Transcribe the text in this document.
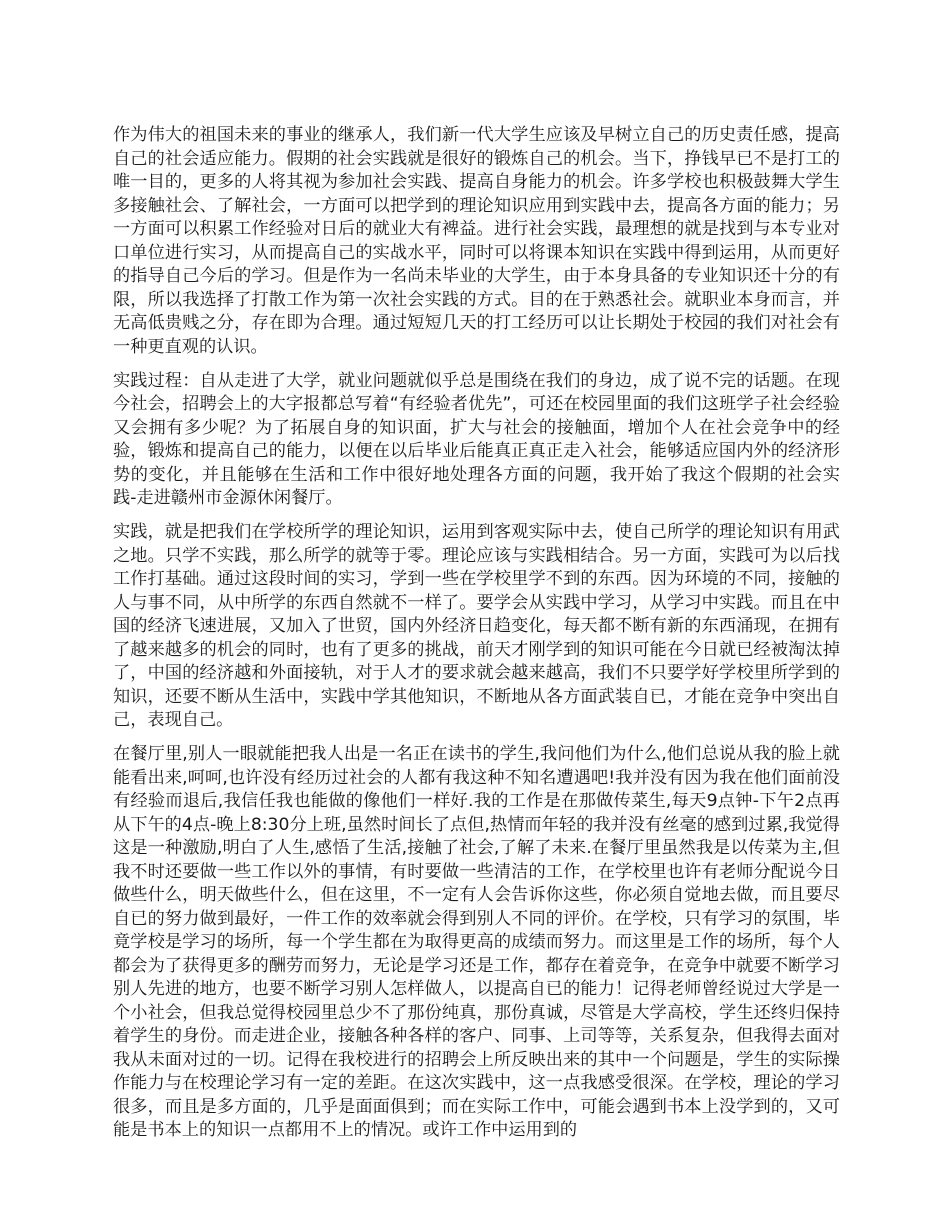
作为伟大的祖国未来的事业的继承人，我们新一代大学生应该及早树立自己的历史责任感，提高自己的社会适应能力。假期的社会实践就是很好的锻炼自己的机会。当下，挣钱早已不是打工的唯一目的，更多的人将其视为参加社会实践、提高自身能力的机会。许多学校也积极鼓舞大学生多接触社会、了解社会，一方面可以把学到的理论知识应用到实践中去，提高各方面的能力；另一方面可以积累工作经验对日后的就业大有裨益。进行社会实践，最理想的就是找到与本专业对口单位进行实习，从而提高自己的实战水平，同时可以将课本知识在实践中得到运用，从而更好的指导自己今后的学习。但是作为一名尚未毕业的大学生，由于本身具备的专业知识还十分的有限，所以我选择了打散工作为第一次社会实践的方式。目的在于熟悉社会。就职业本身而言，并无高低贵贱之分，存在即为合理。通过短短几天的打工经历可以让长期处于校园的我们对社会有一种更直观的认识。

实践过程：自从走进了大学，就业问题就似乎总是围绕在我们的身边，成了说不完的话题。在现今社会，招聘会上的大字报都总写着“有经验者优先”，可还在校园里面的我们这班学子社会经验又会拥有多少呢？为了拓展自身的知识面，扩大与社会的接触面，增加个人在社会竞争中的经验，锻炼和提高自己的能力，以便在以后毕业后能真正真正走入社会，能够适应国内外的经济形势的变化，并且能够在生活和工作中很好地处理各方面的问题，我开始了我这个假期的社会实践-走进赣州市金源休闲餐厅。

实践，就是把我们在学校所学的理论知识，运用到客观实际中去，使自己所学的理论知识有用武之地。只学不实践，那么所学的就等于零。理论应该与实践相结合。另一方面，实践可为以后找工作打基础。通过这段时间的实习，学到一些在学校里学不到的东西。因为环境的不同，接触的人与事不同，从中所学的东西自然就不一样了。要学会从实践中学习，从学习中实践。而且在中国的经济飞速进展，又加入了世贸，国内外经济日趋变化，每天都不断有新的东西涌现，在拥有了越来越多的机会的同时，也有了更多的挑战，前天才刚学到的知识可能在今日就已经被淘汰掉了，中国的经济越和外面接轨，对于人才的要求就会越来越高，我们不只要学好学校里所学到的知识，还要不断从生活中，实践中学其他知识，不断地从各方面武装自已，才能在竞争中突出自己，表现自己。

在餐厅里,别人一眼就能把我人出是一名正在读书的学生,我问他们为什么,他们总说从我的脸上就能看出来,呵呵,也许没有经历过社会的人都有我这种不知名遭遇吧!我并没有因为我在他们面前没有经验而退后,我信任我也能做的像他们一样好.我的工作是在那做传菜生,每天9点钟-下午2点再从下午的4点-晚上8:30分上班,虽然时间长了点但,热情而年轻的我并没有丝毫的感到过累,我觉得这是一种激励,明白了人生,感悟了生活,接触了社会,了解了未来.在餐厅里虽然我是以传菜为主,但我不时还要做一些工作以外的事情，有时要做一些清洁的工作，在学校里也许有老师分配说今日做些什么，明天做些什么，但在这里，不一定有人会告诉你这些，你必须自觉地去做，而且要尽自已的努力做到最好，一件工作的效率就会得到别人不同的评价。在学校，只有学习的氛围，毕竟学校是学习的场所，每一个学生都在为取得更高的成绩而努力。而这里是工作的场所，每个人都会为了获得更多的酬劳而努力，无论是学习还是工作，都存在着竞争，在竞争中就要不断学习别人先进的地方，也要不断学习别人怎样做人，以提高自已的能力！记得老师曾经说过大学是一个小社会，但我总觉得校园里总少不了那份纯真，那份真诚，尽管是大学高校，学生还终归保持着学生的身份。而走进企业，接触各种各样的客户、同事、上司等等，关系复杂，但我得去面对我从未面对过的一切。记得在我校进行的招聘会上所反映出来的其中一个问题是，学生的实际操作能力与在校理论学习有一定的差距。在这次实践中，这一点我感受很深。在学校，理论的学习很多，而且是多方面的，几乎是面面俱到；而在实际工作中，可能会遇到书本上没学到的，又可能是书本上的知识一点都用不上的情况。或许工作中运用到的
